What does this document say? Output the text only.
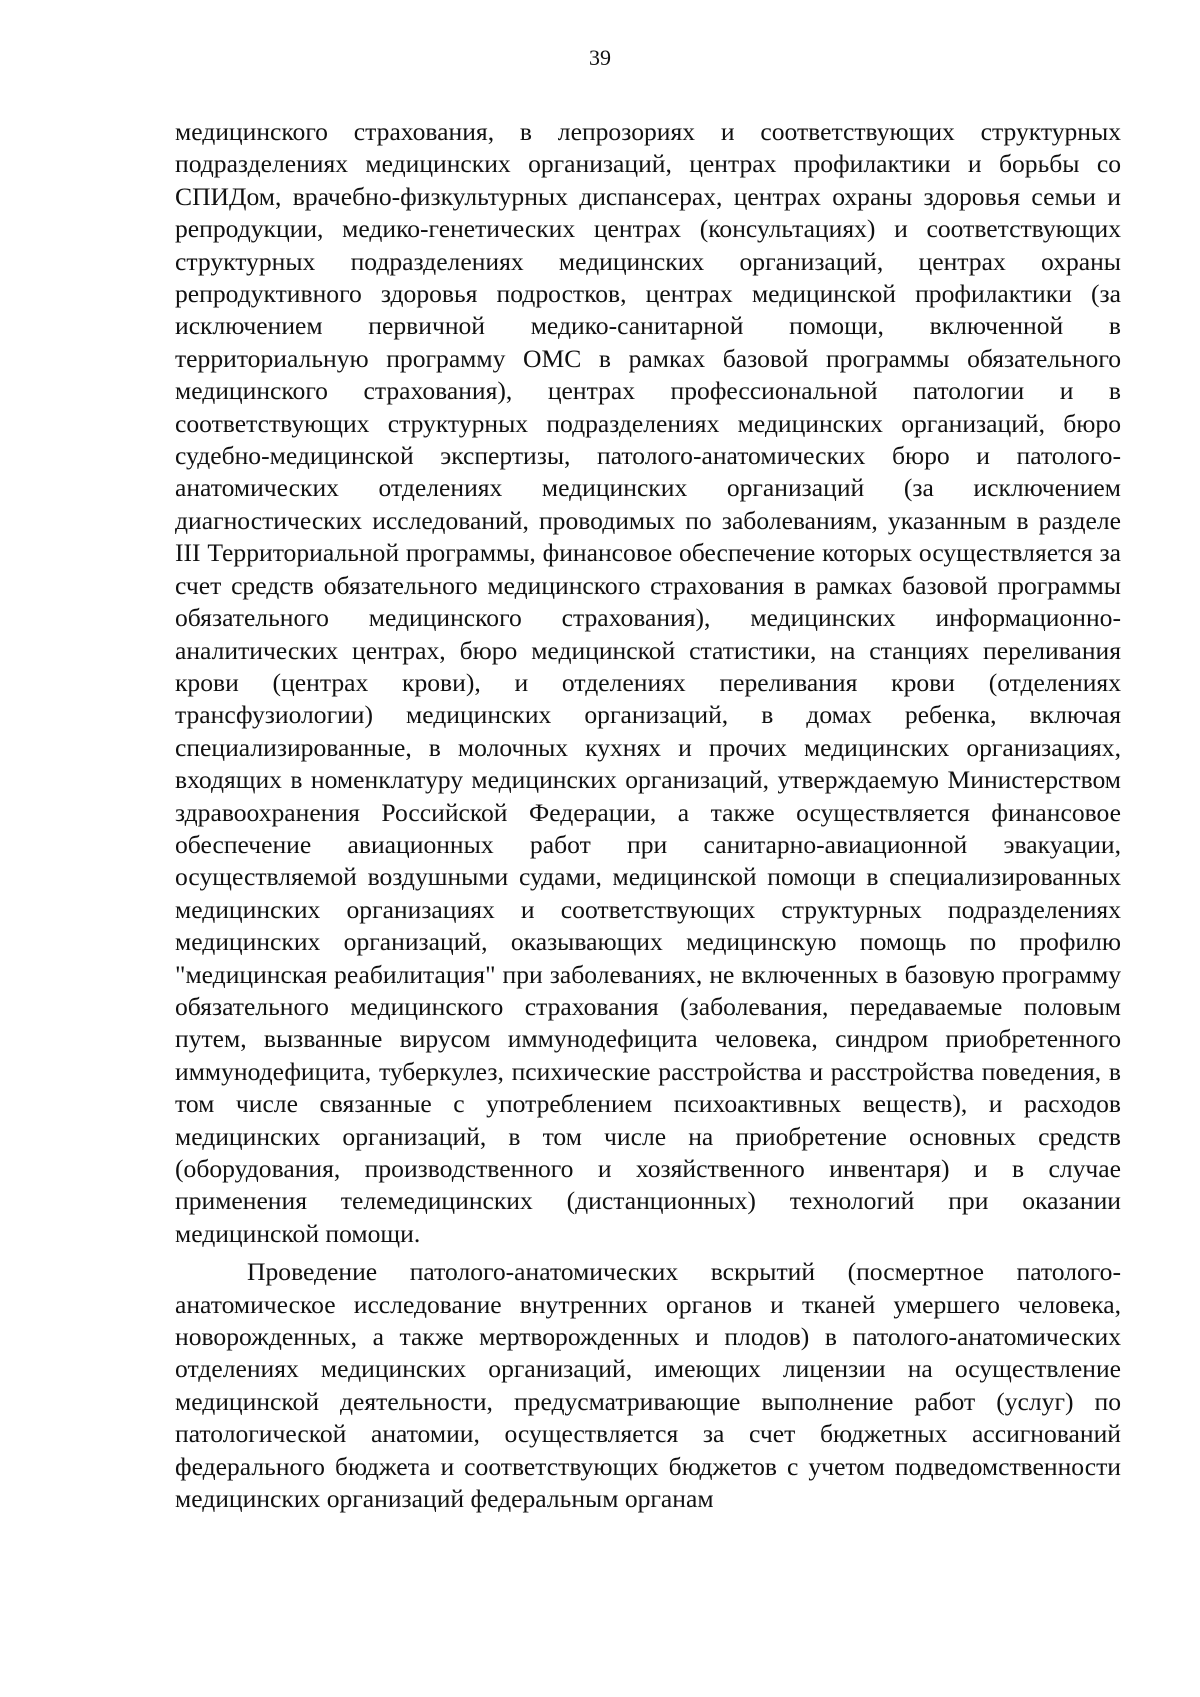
39

медицинского страхования, в лепрозориях и соответствующих структурных подразделениях медицинских организаций, центрах профилактики и борьбы со СПИДом, врачебно-физкультурных диспансерах, центрах охраны здоровья семьи и репродукции, медико-генетических центрах (консультациях) и соответствующих структурных подразделениях медицинских организаций, центрах охраны репродуктивного здоровья подростков, центрах медицинской профилактики (за исключением первичной медико-санитарной помощи, включенной в территориальную программу ОМС в рамках базовой программы обязательного медицинского страхования), центрах профессиональной патологии и в соответствующих структурных подразделениях медицинских организаций, бюро судебно-медицинской экспертизы, патолого-анатомических бюро и патолого-анатомических отделениях медицинских организаций (за исключением диагностических исследований, проводимых по заболеваниям, указанным в разделе III Территориальной программы, финансовое обеспечение которых осуществляется за счет средств обязательного медицинского страхования в рамках базовой программы обязательного медицинского страхования), медицинских информационно-аналитических центрах, бюро медицинской статистики, на станциях переливания крови (центрах крови), и отделениях переливания крови (отделениях трансфузиологии) медицинских организаций, в домах ребенка, включая специализированные, в молочных кухнях и прочих медицинских организациях, входящих в номенклатуру медицинских организаций, утверждаемую Министерством здравоохранения Российской Федерации, а также осуществляется финансовое обеспечение авиационных работ при санитарно-авиационной эвакуации, осуществляемой воздушными судами, медицинской помощи в специализированных медицинских организациях и соответствующих структурных подразделениях медицинских организаций, оказывающих медицинскую помощь по профилю "медицинская реабилитация" при заболеваниях, не включенных в базовую программу обязательного медицинского страхования (заболевания, передаваемые половым путем, вызванные вирусом иммунодефицита человека, синдром приобретенного иммунодефицита, туберкулез, психические расстройства и расстройства поведения, в том числе связанные с употреблением психоактивных веществ), и расходов медицинских организаций, в том числе на приобретение основных средств (оборудования, производственного и хозяйственного инвентаря) и в случае применения телемедицинских (дистанционных) технологий при оказании медицинской помощи.

Проведение патолого-анатомических вскрытий (посмертное патолого-анатомическое исследование внутренних органов и тканей умершего человека, новорожденных, а также мертворожденных и плодов) в патолого-анатомических отделениях медицинских организаций, имеющих лицензии на осуществление медицинской деятельности, предусматривающие выполнение работ (услуг) по патологической анатомии, осуществляется за счет бюджетных ассигнований федерального бюджета и соответствующих бюджетов с учетом подведомственности медицинских организаций федеральным органам
